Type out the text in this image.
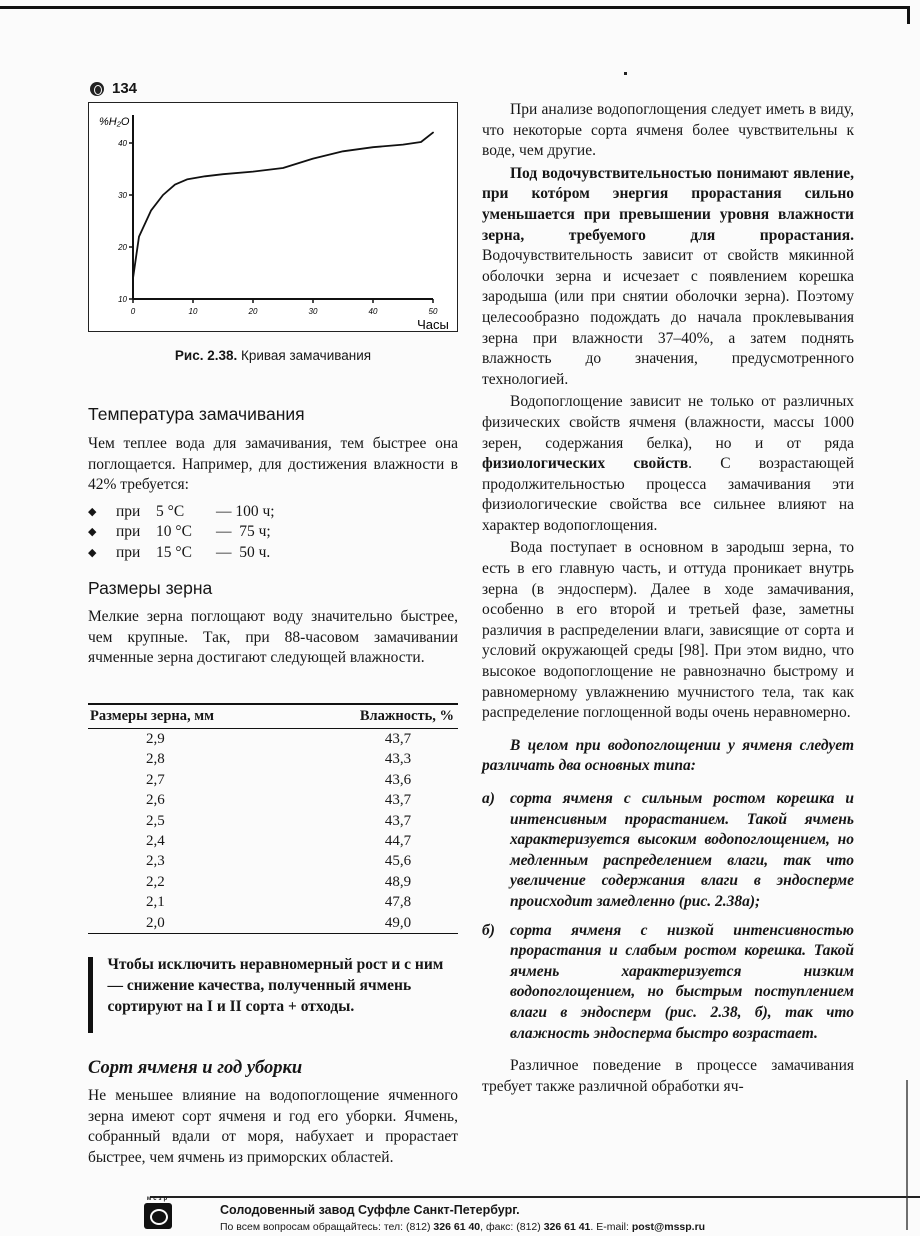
134
%H₂O
40
30
20
10
0	10	20	30	40	50
Часы
Рис. 2.38. Кривая замачивания
Температура замачивания
Чем теплее вода для замачивания, тем быстрее она поглощается. Например, для достижения влажности в 42% требуется:
◆	при	5 °С	— 100 ч;
◆	при	10 °С	—  75 ч;
◆	при	15 °С	—  50 ч.
Размеры зерна
Мелкие зерна поглощают воду значительно быстрее, чем крупные. Так, при 88-часовом замачивании ячменные зерна достигают следующей влажности.
Размеры зерна, мм	Влажность, %
2,9	43,7
2,8	43,3
2,7	43,6
2,6	43,7
2,5	43,7
2,4	44,7
2,3	45,6
2,2	48,9
2,1	47,8
2,0	49,0
Чтобы исключить неравномерный рост и с ним — снижение качества, полученный ячмень сортируют на I и II сорта + отходы.
Сорт ячменя и год уборки
Не меньшее влияние на водопоглощение ячменного зерна имеют сорт ячменя и год его уборки. Ячмень, собранный вдали от моря, набухает и прорастает быстрее, чем ячмень из приморских областей.
При анализе водопоглощения следует иметь в виду, что некоторые сорта ячменя более чувствительны к воде, чем другие.
Под водочувствительностью понимают явление, при котóром энергия прорастания сильно уменьшается при превышении уровня влажности зерна, требуемого для прорастания. Водочувствительность зависит от свойств мякинной оболочки зерна и исчезает с появлением корешка зародыша (или при снятии оболочки зерна). Поэтому целесообразно подождать до начала проклевывания зерна при влажности 37–40%, а затем поднять влажность до значения, предусмотренного технологией.
Водопоглощение зависит не только от различных физических свойств ячменя (влажности, массы 1000 зерен, содержания белка), но и от ряда физиологических свойств. С возрастающей продолжительностью процесса замачивания эти физиологические свойства все сильнее влияют на характер водопоглощения.
Вода поступает в основном в зародыш зерна, то есть в его главную часть, и оттуда проникает внутрь зерна (в эндосперм). Далее в ходе замачивания, особенно в его второй и третьей фазе, заметны различия в распределении влаги, зависящие от сорта и условий окружающей среды [98]. При этом видно, что высокое водопоглощение не равнозначно быстрому и равномерному увлажнению мучнистого тела, так как распределение поглощенной воды очень неравномерно.
В целом при водопоглощении у ячменя следует различать два основных типа:
а) сорта ячменя с сильным ростом корешка и интенсивным прорастанием. Такой ячмень характеризуется высоким водопоглощением, но медленным распределением влаги, так что увеличение содержания влаги в эндосперме происходит замедленно (рис. 2.38а);
б) сорта ячменя с низкой интенсивностью прорастания и слабым ростом корешка. Такой ячмень характеризуется низким водопоглощением, но быстрым поступлением влаги в эндосперм (рис. 2.38, б), так что влажность эндосперма быстро возрастает.
Различное поведение в процессе замачивания требует также различной обработки яч-
мсзр
Солодовенный завод Суффле Санкт-Петербург.
По всем вопросам обращайтесь: тел: (812) 326 61 40, факс: (812) 326 61 41. E-mail: post@mssp.ru
